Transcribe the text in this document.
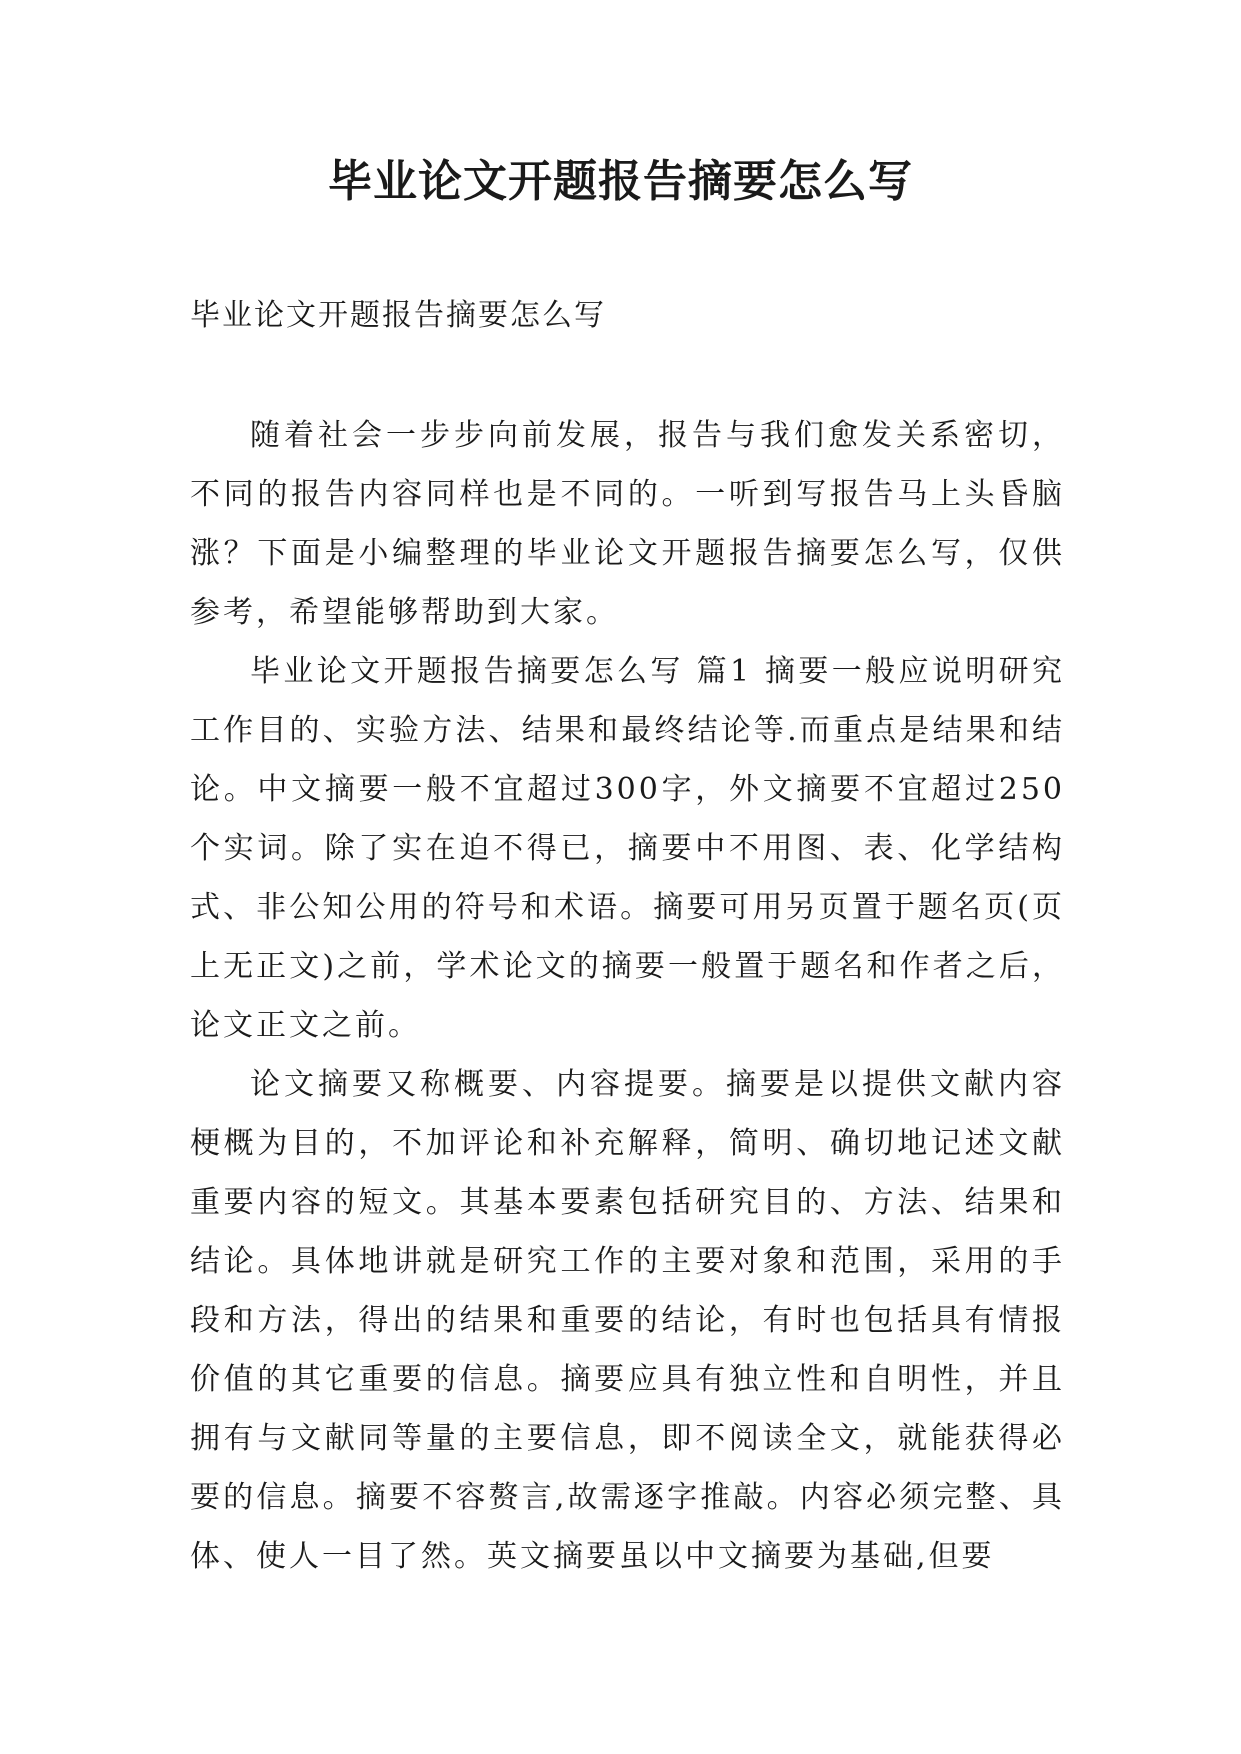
毕业论文开题报告摘要怎么写
毕业论文开题报告摘要怎么写

随着社会一步步向前发展，报告与我们愈发关系密切，不同的报告内容同样也是不同的。一听到写报告马上头昏脑涨？下面是小编整理的毕业论文开题报告摘要怎么写，仅供参考，希望能够帮助到大家。

毕业论文开题报告摘要怎么写 篇1 摘要一般应说明研究工作目的、实验方法、结果和最终结论等.而重点是结果和结论。中文摘要一般不宜超过300字，外文摘要不宜超过250个实词。除了实在迫不得已，摘要中不用图、表、化学结构式、非公知公用的符号和术语。摘要可用另页置于题名页(页上无正文)之前，学术论文的摘要一般置于题名和作者之后，论文正文之前。

论文摘要又称概要、内容提要。摘要是以提供文献内容梗概为目的，不加评论和补充解释，简明、确切地记述文献重要内容的短文。其基本要素包括研究目的、方法、结果和结论。具体地讲就是研究工作的主要对象和范围，采用的手段和方法，得出的结果和重要的结论，有时也包括具有情报价值的其它重要的信息。摘要应具有独立性和自明性，并且拥有与文献同等量的主要信息，即不阅读全文，就能获得必要的信息。摘要不容赘言,故需逐字推敲。内容必须完整、具体、使人一目了然。英文摘要虽以中文摘要为基础,但要
